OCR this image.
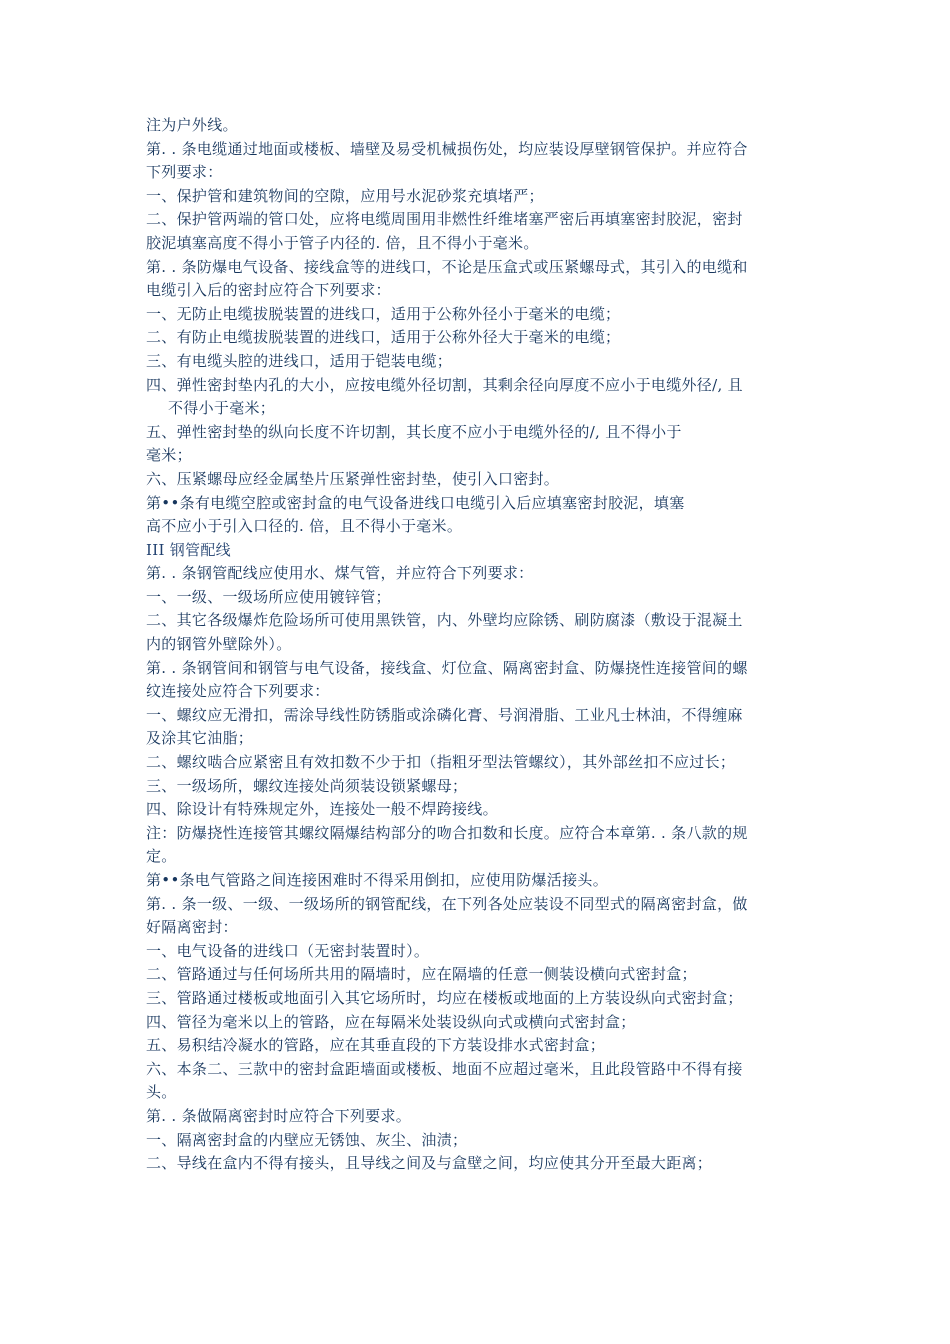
注为户外线。
第. . 条电缆通过地面或楼板、墙壁及易受机械损伤处，均应装设厚壁钢管保护。并应符合
下列要求：
一、保护管和建筑物间的空隙，应用号水泥砂浆充填堵严；
二、保护管两端的管口处，应将电缆周围用非燃性纤维堵塞严密后再填塞密封胶泥，密封
胶泥填塞高度不得小于管子内径的. 倍，且不得小于毫米。
第. . 条防爆电气设备、接线盒等的进线口，不论是压盒式或压紧螺母式，其引入的电缆和
电缆引入后的密封应符合下列要求：
一、无防止电缆拔脱装置的进线口，适用于公称外径小于毫米的电缆；
二、有防止电缆拔脱装置的进线口，适用于公称外径大于毫米的电缆；
三、有电缆头腔的进线口，适用于铠装电缆；
四、弹性密封垫内孔的大小，应按电缆外径切割，其剩余径向厚度不应小于电缆外径/, 且
不得小于毫米；
五、弹性密封垫的纵向长度不许切割，其长度不应小于电缆外径的/, 且不得小于
毫米；
六、压紧螺母应经金属垫片压紧弹性密封垫，使引入口密封。
第••条有电缆空腔或密封盒的电气设备进线口电缆引入后应填塞密封胶泥，填塞
高不应小于引入口径的. 倍，且不得小于毫米。
III 钢管配线
第. . 条钢管配线应使用水、煤气管，并应符合下列要求：
一、一级、一级场所应使用镀锌管；
二、其它各级爆炸危险场所可使用黑铁管，内、外壁均应除锈、刷防腐漆（敷设于混凝土
内的钢管外壁除外）。
第. . 条钢管间和钢管与电气设备，接线盒、灯位盒、隔离密封盒、防爆挠性连接管间的螺
纹连接处应符合下列要求：
一、螺纹应无滑扣，需涂导线性防锈脂或涂磷化膏、号润滑脂、工业凡士林油，不得缠麻
及涂其它油脂；
二、螺纹啮合应紧密且有效扣数不少于扣（指粗牙型法管螺纹），其外部丝扣不应过长；
三、一级场所，螺纹连接处尚须装设锁紧螺母；
四、除设计有特殊规定外，连接处一般不焊跨接线。
注：防爆挠性连接管其螺纹隔爆结构部分的吻合扣数和长度。应符合本章第. . 条八款的规
定。
第••条电气管路之间连接困难时不得采用倒扣，应使用防爆活接头。
第. . 条一级、一级、一级场所的钢管配线，在下列各处应装设不同型式的隔离密封盒，做
好隔离密封：
一、电气设备的进线口（无密封装置时）。
二、管路通过与任何场所共用的隔墙时，应在隔墙的任意一侧装设横向式密封盒；
三、管路通过楼板或地面引入其它场所时，均应在楼板或地面的上方装设纵向式密封盒；
四、管径为毫米以上的管路，应在每隔米处装设纵向式或横向式密封盒；
五、易积结冷凝水的管路，应在其垂直段的下方装设排水式密封盒；
六、本条二、三款中的密封盒距墙面或楼板、地面不应超过毫米，且此段管路中不得有接
头。
第. . 条做隔离密封时应符合下列要求。
一、隔离密封盒的内壁应无锈蚀、灰尘、油渍；
二、导线在盒内不得有接头，且导线之间及与盒壁之间，均应使其分开至最大距离；
